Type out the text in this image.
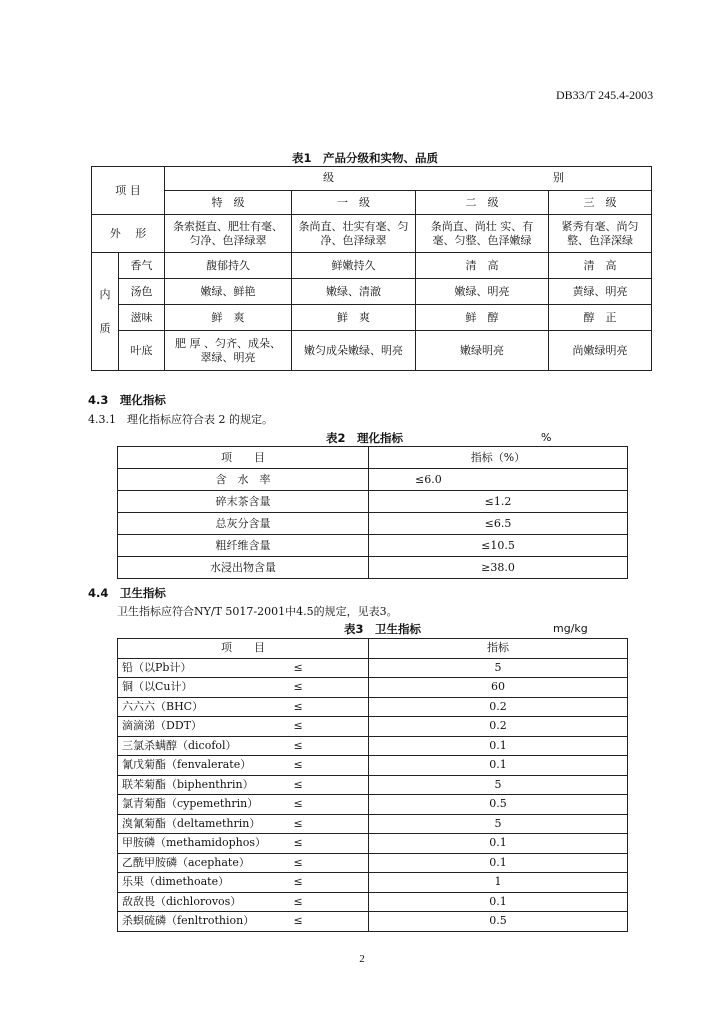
DB33/T 245.4-2003
表1　产品分级和实物、品质
项 目		级 别			

		特　级	一　级	二　级	三　级
外　 形		条索挺直、肥壮有毫、匀净、色泽绿翠	条尚直、壮实有毫、匀净、色泽绿翠	条尚直、尚壮 实、有毫、匀整、色泽嫩绿	紧秀有毫、尚匀整、色泽深绿

内
质	香气	馥郁持久	鲜嫩持久	清　高	清　高
	汤色	嫩绿、鲜艳	嫩绿、清澈	嫩绿、明亮	黄绿、明亮
	滋味	鲜　爽	鲜　爽	鲜　醇	醇　正
	叶底	肥 厚 、匀齐、成朵、翠绿、明亮	嫩匀成朵嫩绿、明亮	嫩绿明亮	尚嫩绿明亮
4.3　理化指标
4.3.1　理化指标应符合表 2 的规定。
表2　理化指标	%
项　　目	指标（%）
含　水　率	≤6.0
碎末茶含量	≤1.2
总灰分含量	≤6.5
粗纤维含量	≤10.5
水浸出物含量	≥38.0
4.4　卫生指标
卫生指标应符合NY/T 5017-2001中4.5的规定，见表3。
表3　卫生指标	mg/kg
项　　目		指标
铅（以Pb计）	≤	5
铜（以Cu计）	≤	60
六六六（BHC）	≤	0.2
滴滴涕（DDT）	≤	0.2
三氯杀螨醇（dicofol）	≤	0.1
氰戊菊酯（fenvalerate）	≤	0.1
联苯菊酯（biphenthrin）	≤	5
氯青菊酯（cypemethrin）	≤	0.5
溴氰菊酯（deltamethrin）	≤	5
甲胺磷（methamidophos）	≤	0.1
乙酰甲胺磷（acephate）	≤	0.1
乐果（dimethoate）	≤	1
敌敌畏（dichlorovos）	≤	0.1
杀螟硫磷（fenltrothion）	≤	0.5
2
